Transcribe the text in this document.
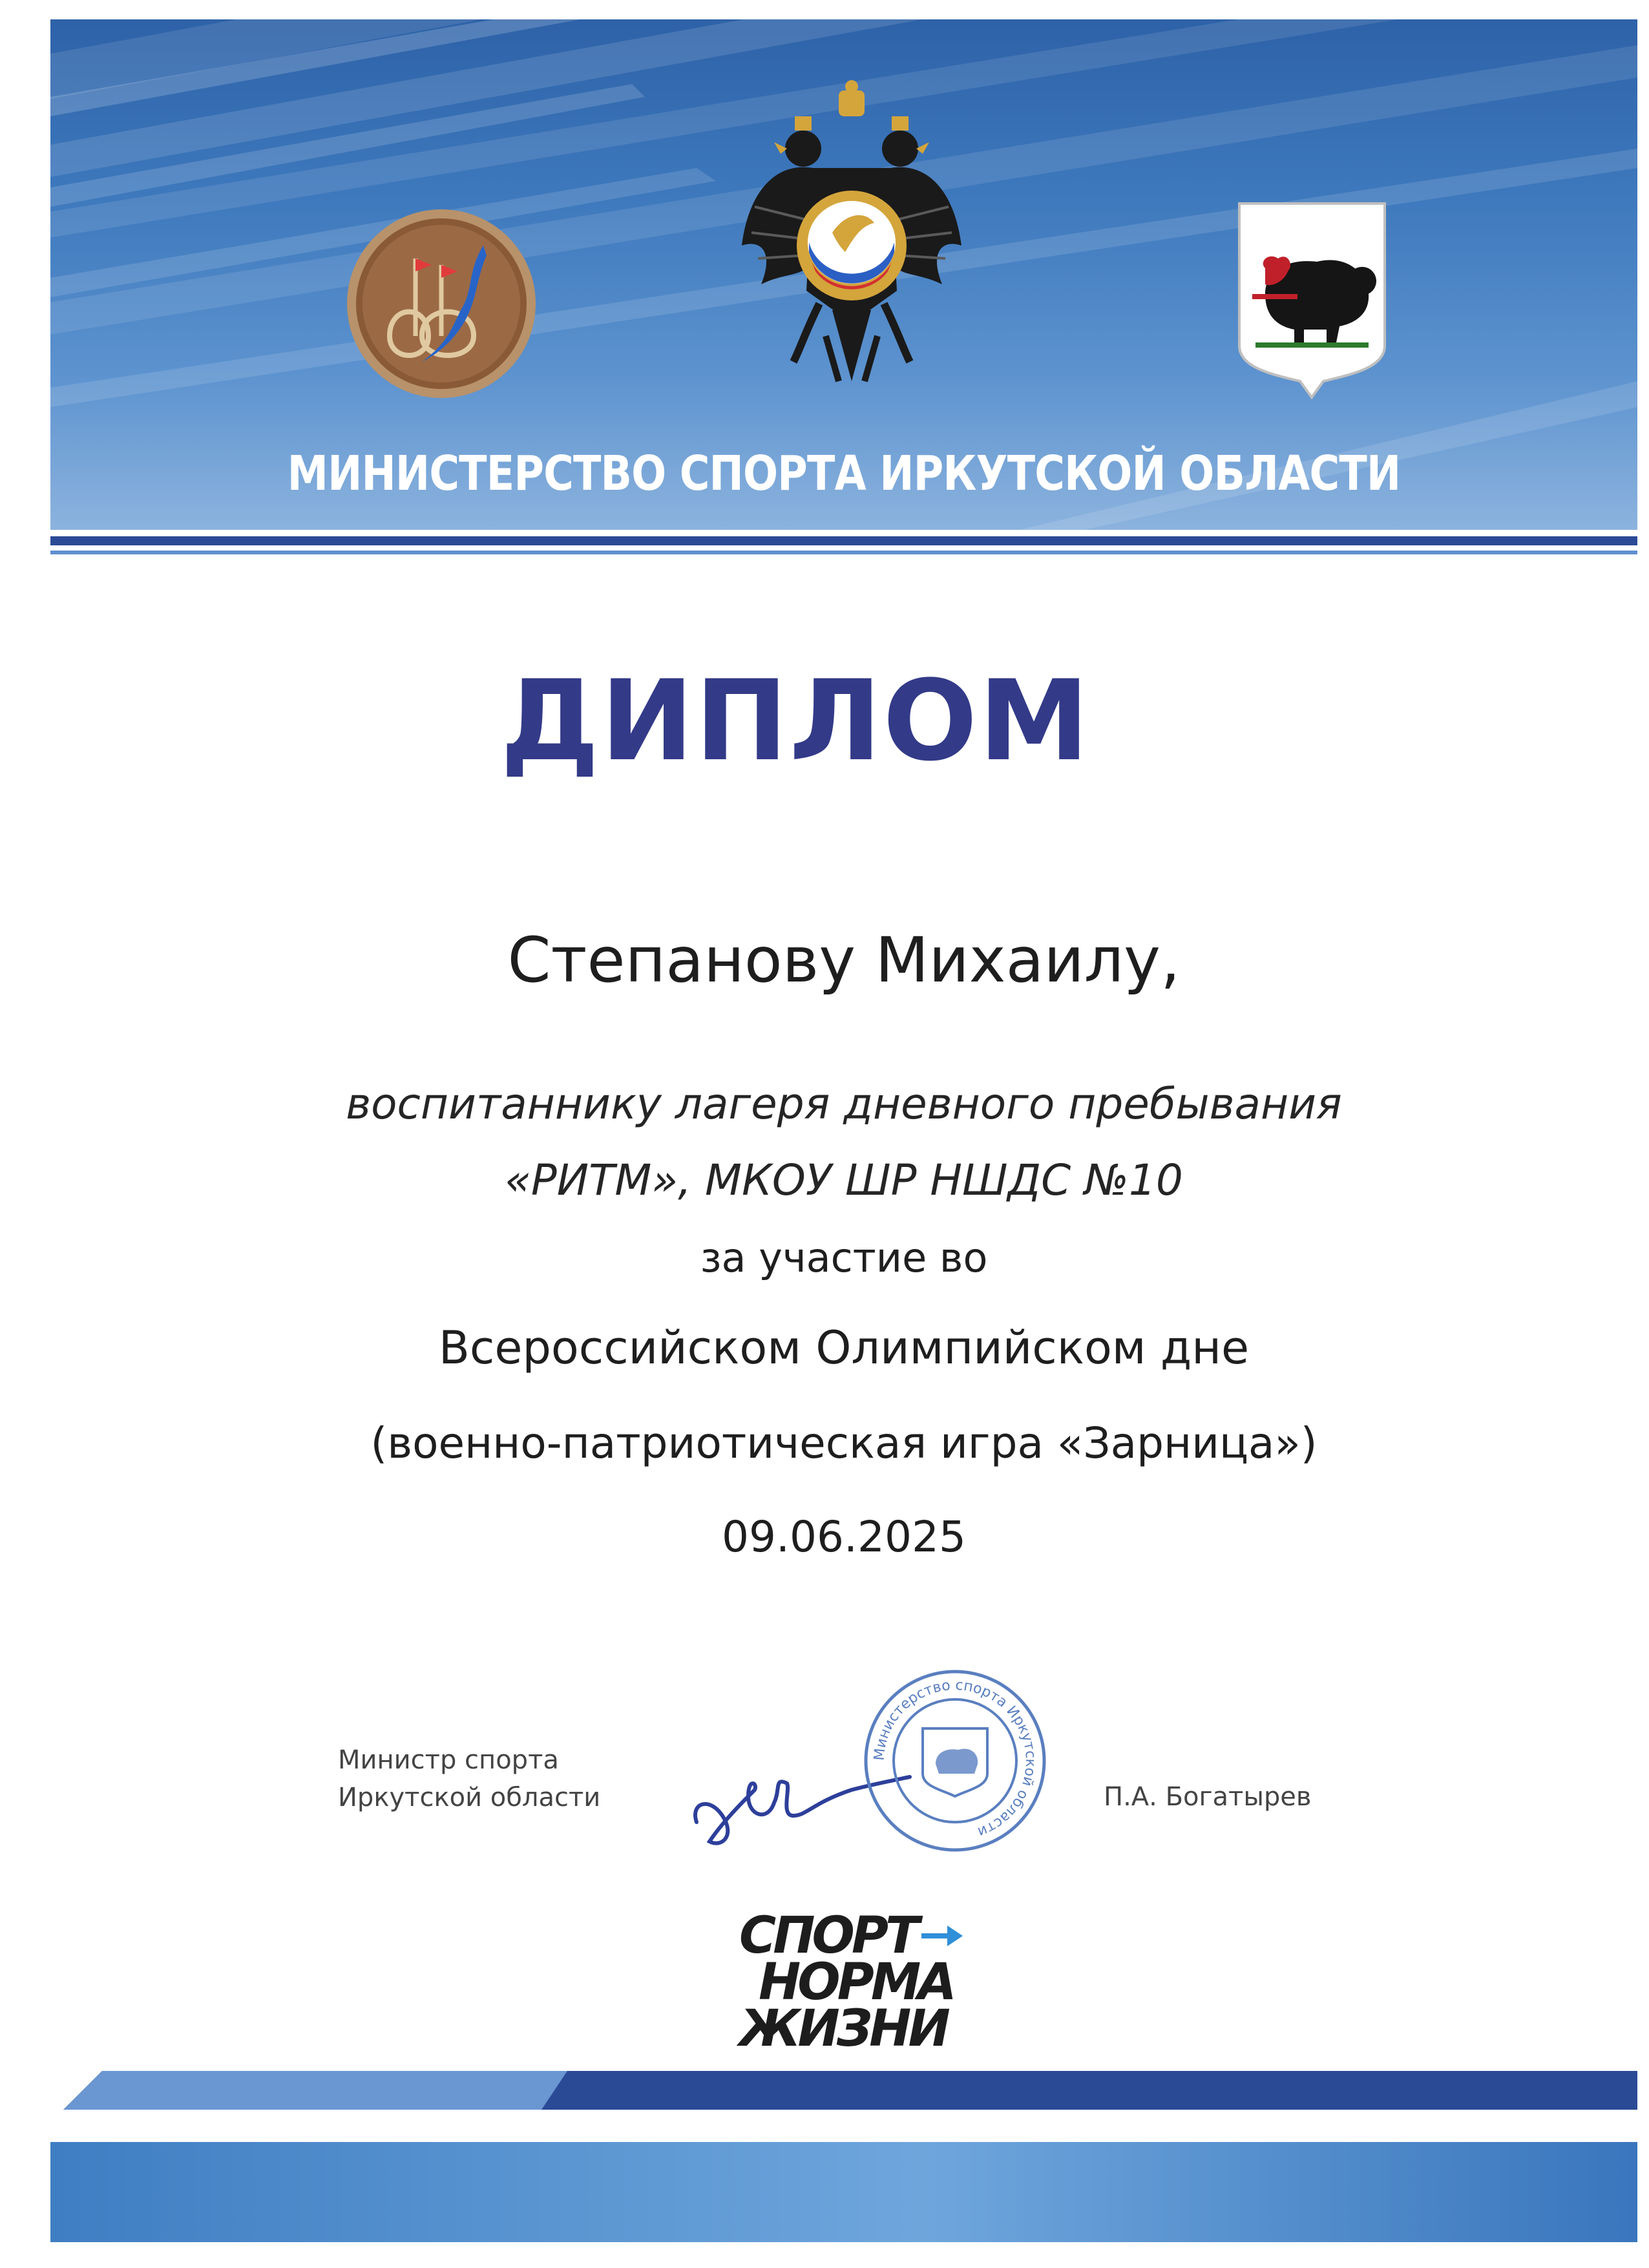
МИНИСТЕРСТВО СПОРТА ИРКУТСКОЙ ОБЛАСТИ
ДИПЛОМ
Степанову Михаилу,
воспитаннику лагеря дневного пребывания
«РИТМ», МКОУ ШР НШДС №10
за участие во
Всероссийском Олимпийском дне
(военно-патриотическая игра «Зарница»)
09.06.2025
Министр спорта
Иркутской области
Министерство спорта Иркутской области
П.А. Богатырев
СПОРТ
НОРМА
ЖИЗНИ
